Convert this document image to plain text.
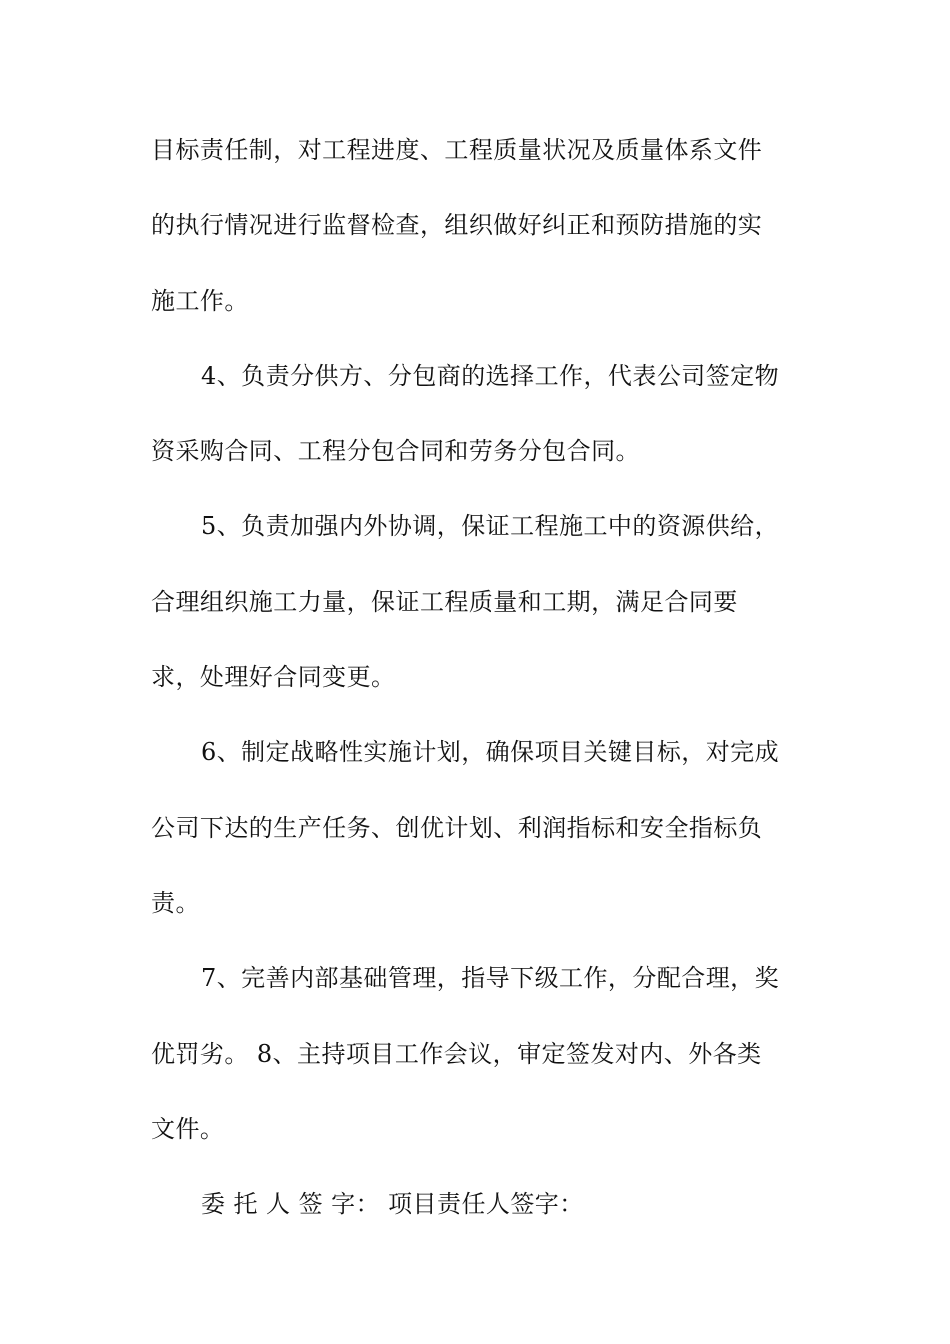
目标责任制，对工程进度、工程质量状况及质量体系文件
的执行情况进行监督检查，组织做好纠正和预防措施的实
施工作。
4、负责分供方、分包商的选择工作，代表公司签定物
资采购合同、工程分包合同和劳务分包合同。
5、负责加强内外协调，保证工程施工中的资源供给，
合理组织施工力量，保证工程质量和工期，满足合同要
求，处理好合同变更。
6、制定战略性实施计划，确保项目关键目标，对完成
公司下达的生产任务、创优计划、利润指标和安全指标负
责。
7、完善内部基础管理，指导下级工作，分配合理，奖
优罚劣。 8、主持项目工作会议，审定签发对内、外各类
文件。
委 托 人 签 字： 项目责任人签字：
